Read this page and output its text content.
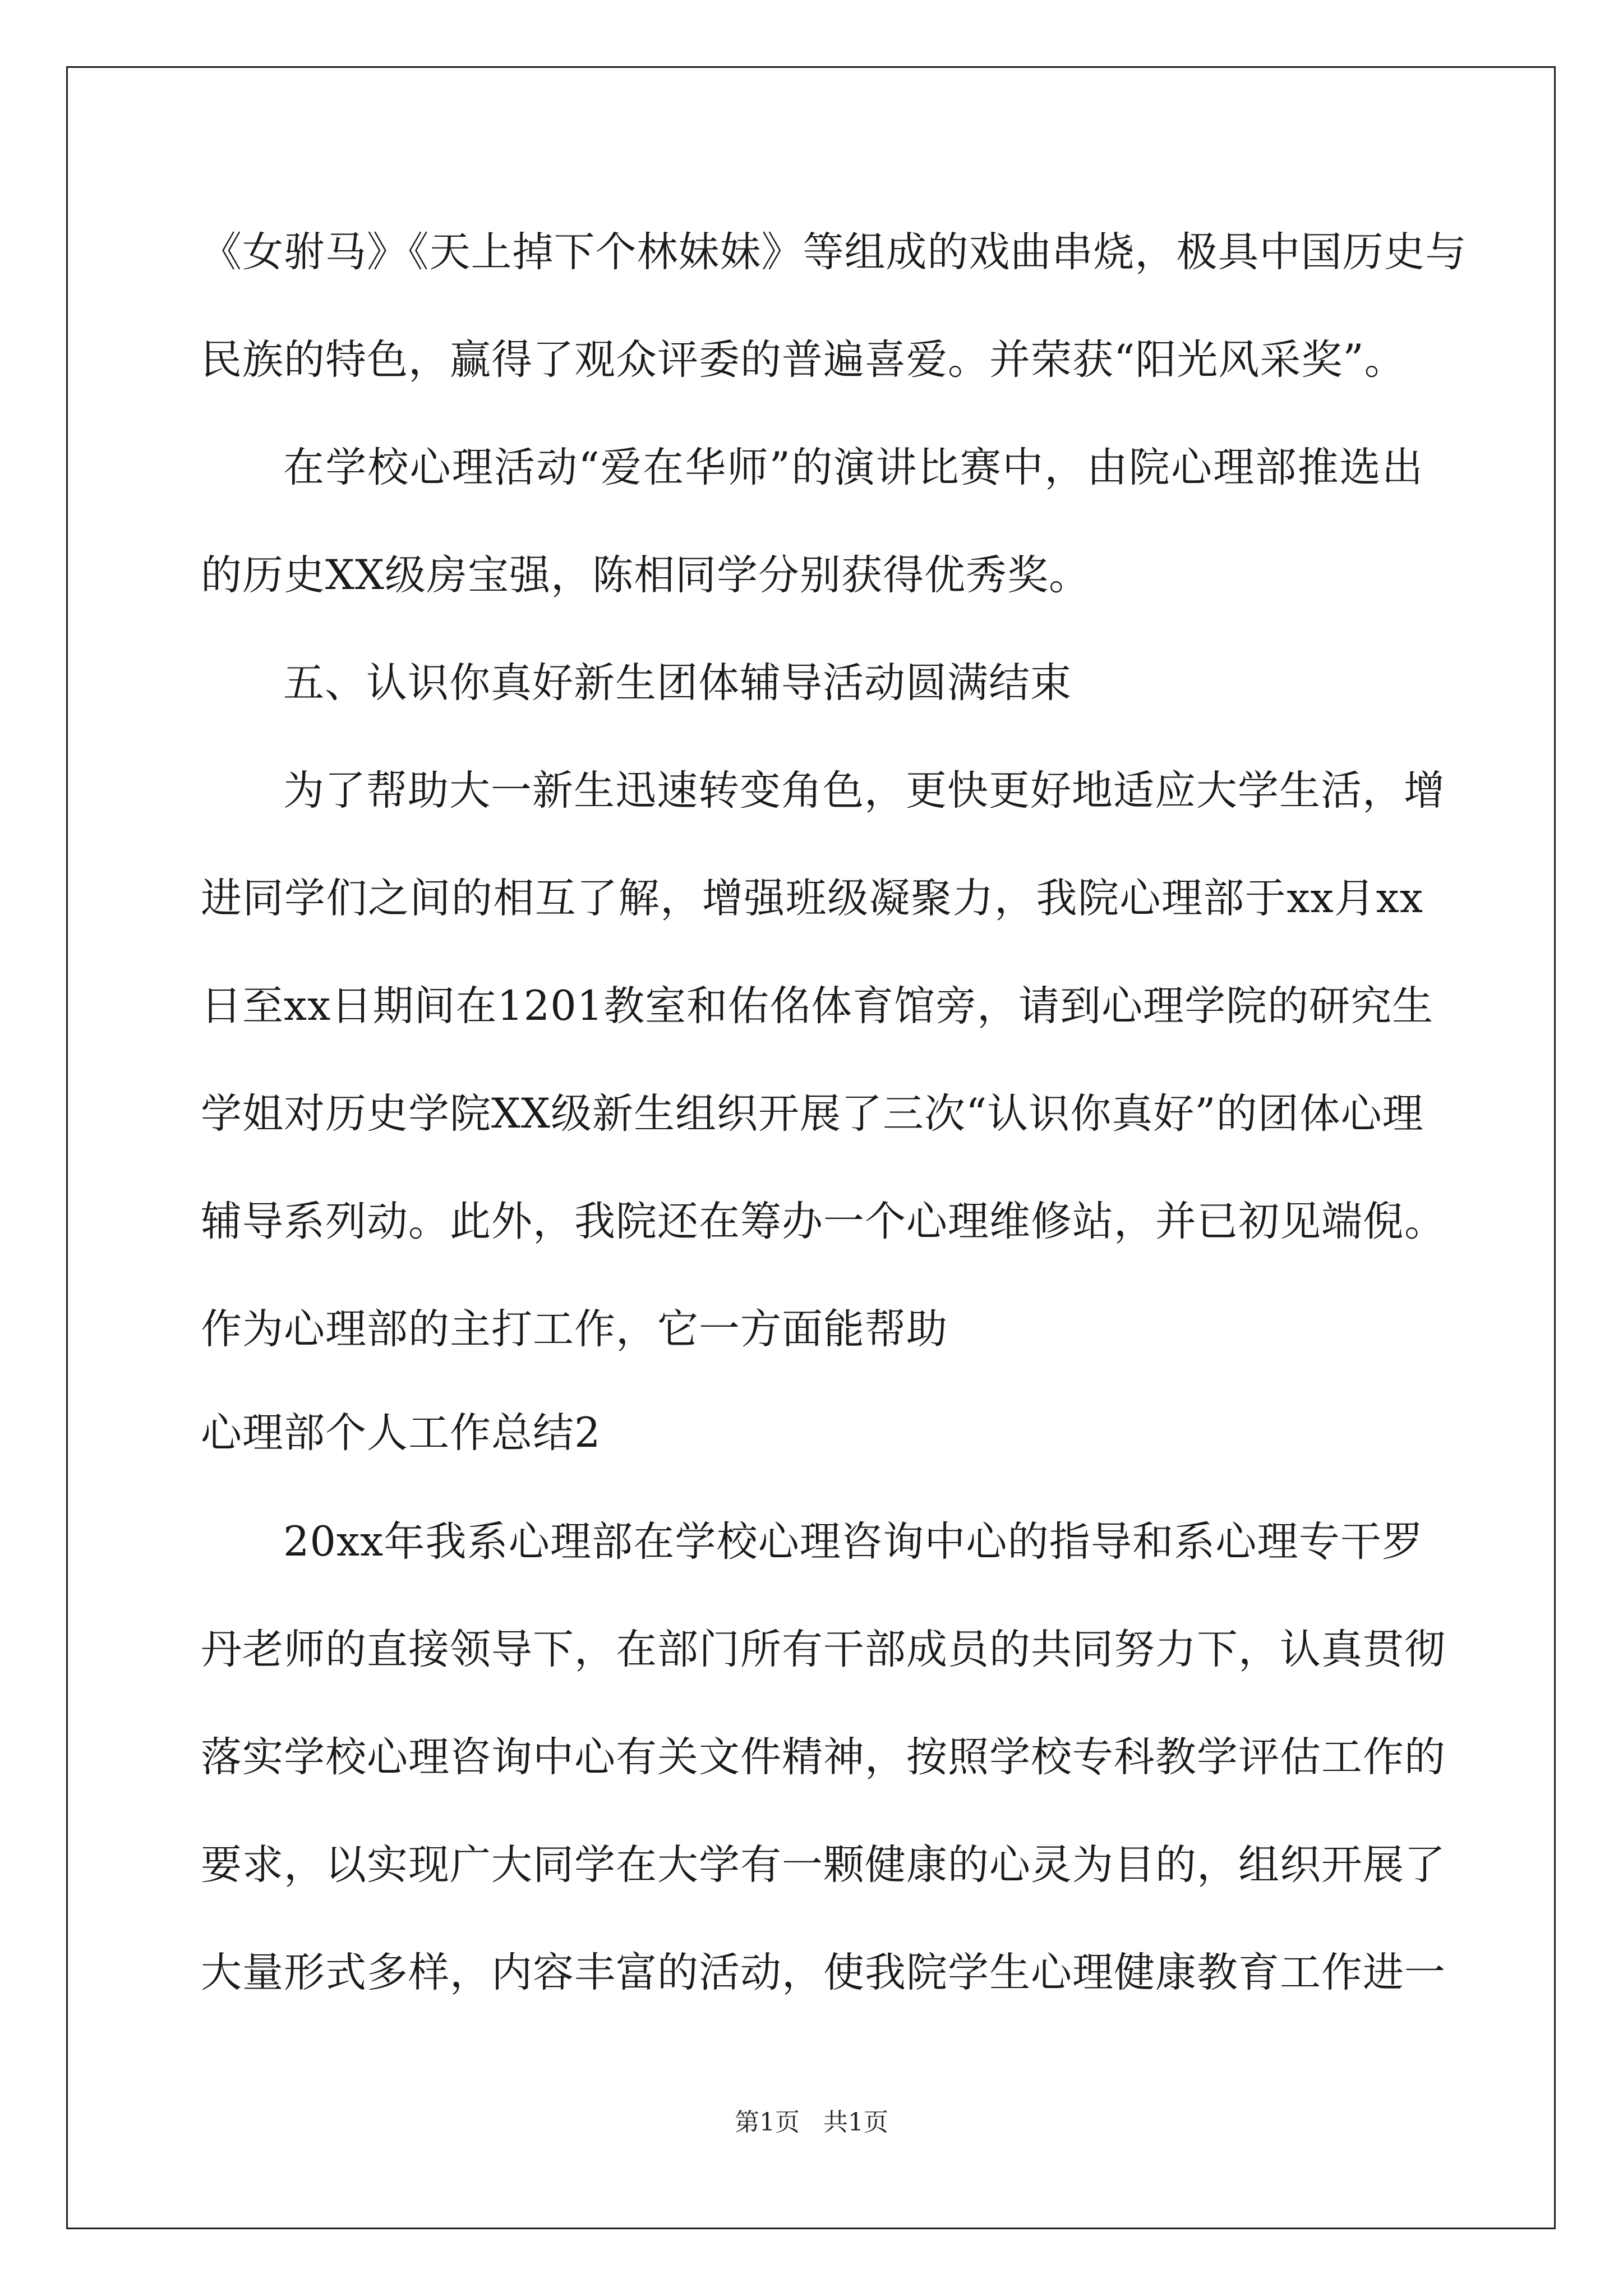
《女驸马》《天上掉下个林妹妹》等组成的戏曲串烧，极具中国历史与
民族的特色，赢得了观众评委的普遍喜爱。并荣获“阳光风采奖”。
在学校心理活动“爱在华师”的演讲比赛中，由院心理部推选出
的历史XX级房宝强，陈相同学分别获得优秀奖。
五、认识你真好新生团体辅导活动圆满结束
为了帮助大一新生迅速转变角色，更快更好地适应大学生活，增
进同学们之间的相互了解，增强班级凝聚力，我院心理部于xx月xx
日至xx日期间在1201教室和佑佲体育馆旁，请到心理学院的研究生
学姐对历史学院XX级新生组织开展了三次“认识你真好”的团体心理
辅导系列动。此外，我院还在筹办一个心理维修站，并已初见端倪。
作为心理部的主打工作，它一方面能帮助
心理部个人工作总结2
20xx年我系心理部在学校心理咨询中心的指导和系心理专干罗
丹老师的直接领导下，在部门所有干部成员的共同努力下，认真贯彻
落实学校心理咨询中心有关文件精神，按照学校专科教学评估工作的
要求，以实现广大同学在大学有一颗健康的心灵为目的，组织开展了
大量形式多样，内容丰富的活动，使我院学生心理健康教育工作进一
第1页   共1页
